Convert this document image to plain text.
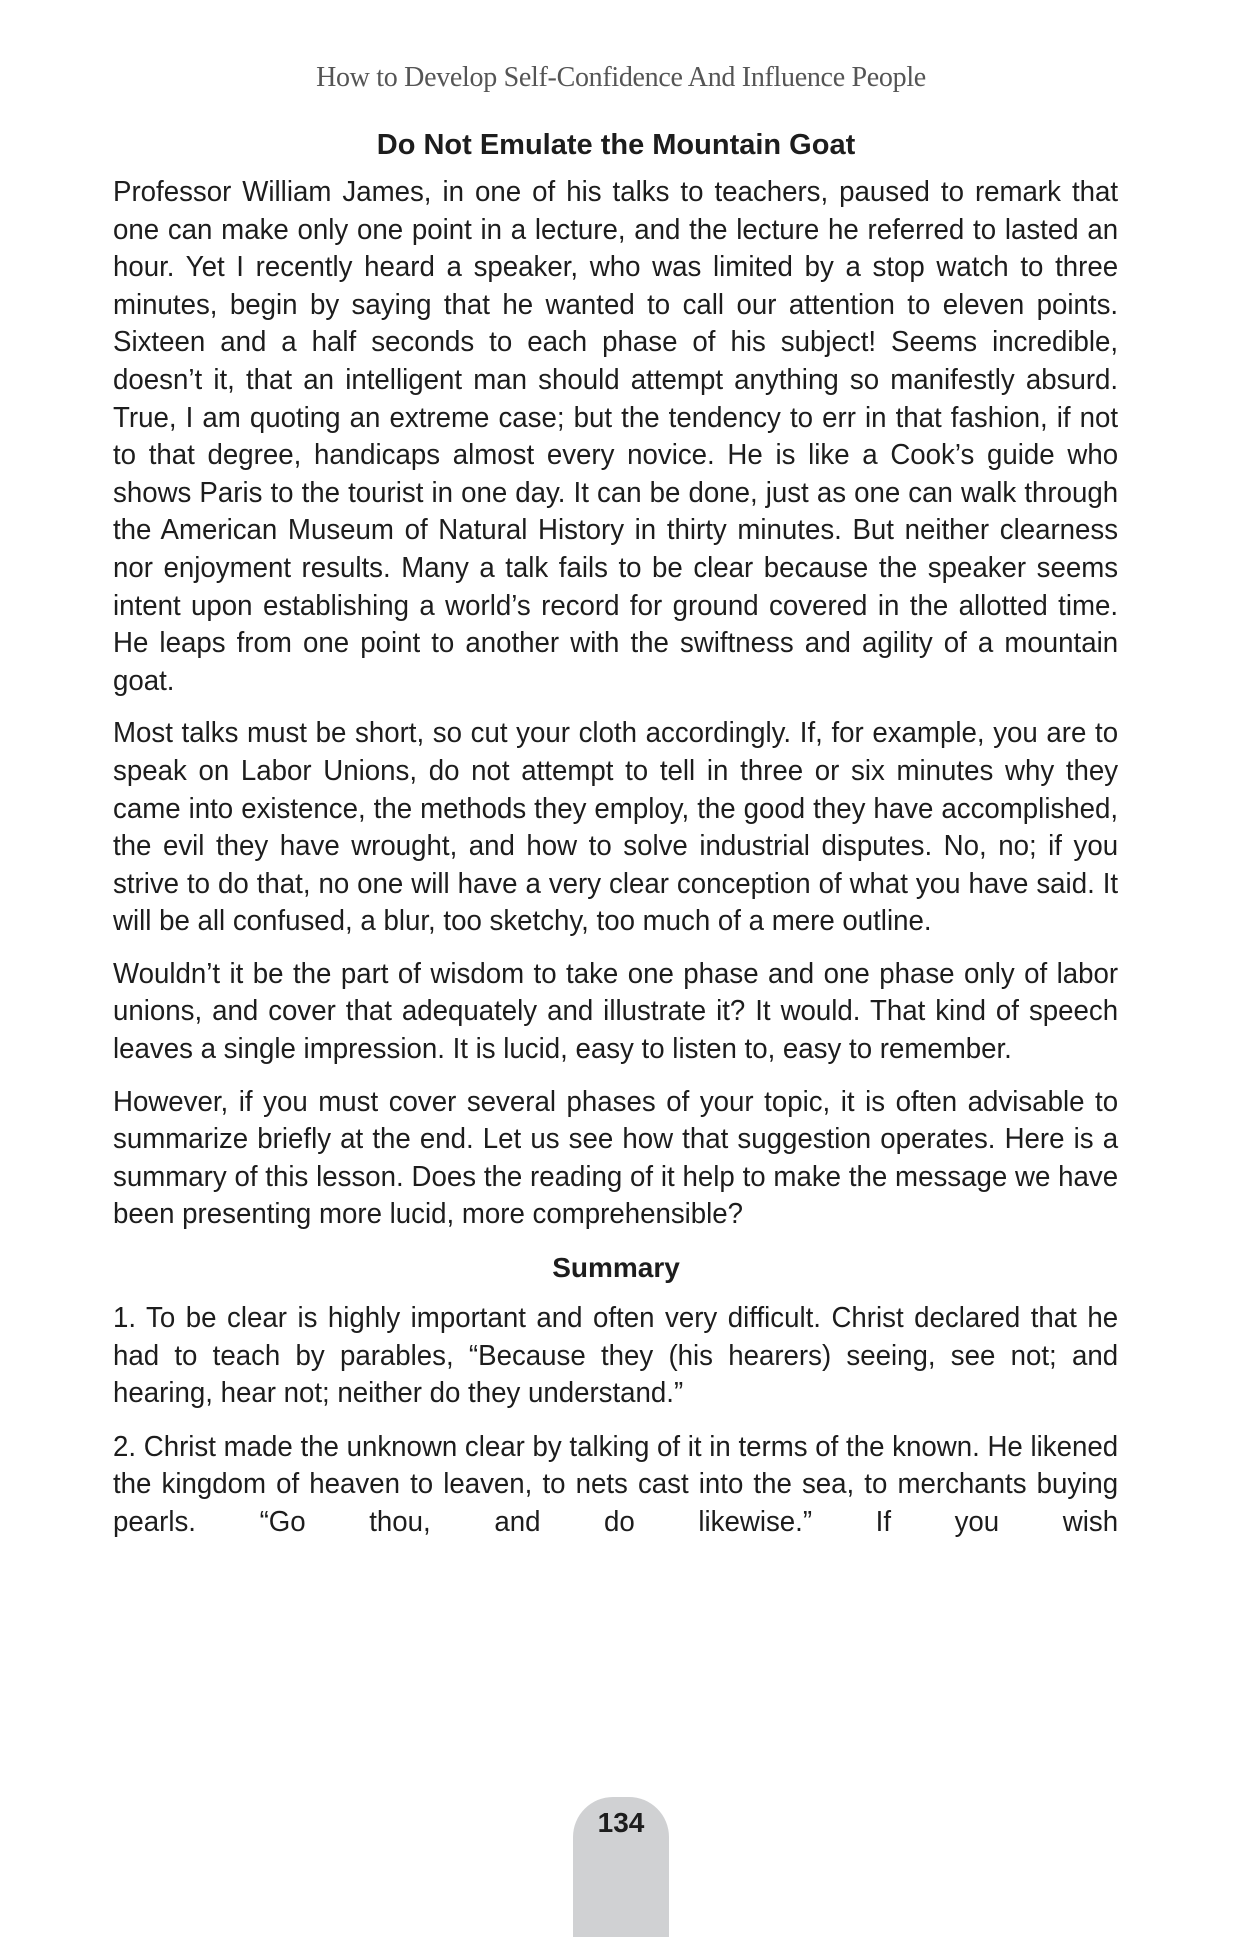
How to Develop Self-Confidence And Influence People
Do Not Emulate the Mountain Goat

Professor William James, in one of his talks to teachers, paused to remark that one can make only one point in a lecture, and the lecture he referred to lasted an hour. Yet I recently heard a speaker, who was limited by a stop watch to three minutes, begin by saying that he wanted to call our attention to eleven points. Sixteen and a half seconds to each phase of his subject! Seems incredible, doesn’t it, that an intelligent man should attempt anything so manifestly absurd. True, I am quoting an extreme case; but the tendency to err in that fashion, if not to that degree, handicaps almost every novice. He is like a Cook’s guide who shows Paris to the tourist in one day. It can be done, just as one can walk through the American Museum of Natural History in thirty minutes. But neither clearness nor enjoyment results. Many a talk fails to be clear because the speaker seems intent upon establishing a world’s record for ground covered in the allotted time. He leaps from one point to another with the swiftness and agility of a mountain goat.

Most talks must be short, so cut your cloth accordingly. If, for example, you are to speak on Labor Unions, do not attempt to tell in three or six minutes why they came into existence, the methods they employ, the good they have accomplished, the evil they have wrought, and how to solve industrial disputes. No, no; if you strive to do that, no one will have a very clear conception of what you have said. It will be all confused, a blur, too sketchy, too much of a mere outline.

Wouldn’t it be the part of wisdom to take one phase and one phase only of labor unions, and cover that adequately and illustrate it? It would. That kind of speech leaves a single impression. It is lucid, easy to listen to, easy to remember.

However, if you must cover several phases of your topic, it is often advisable to summarize briefly at the end. Let us see how that suggestion operates. Here is a summary of this lesson. Does the reading of it help to make the message we have been presenting more lucid, more comprehensible?

Summary

1. To be clear is highly important and often very difficult. Christ declared that he had to teach by parables, “Because they (his hearers) seeing, see not; and hearing, hear not; neither do they understand.”

2. Christ made the unknown clear by talking of it in terms of the known. He likened the kingdom of heaven to leaven, to nets cast into the sea, to merchants buying pearls. “Go thou, and do likewise.” If you wish

134
